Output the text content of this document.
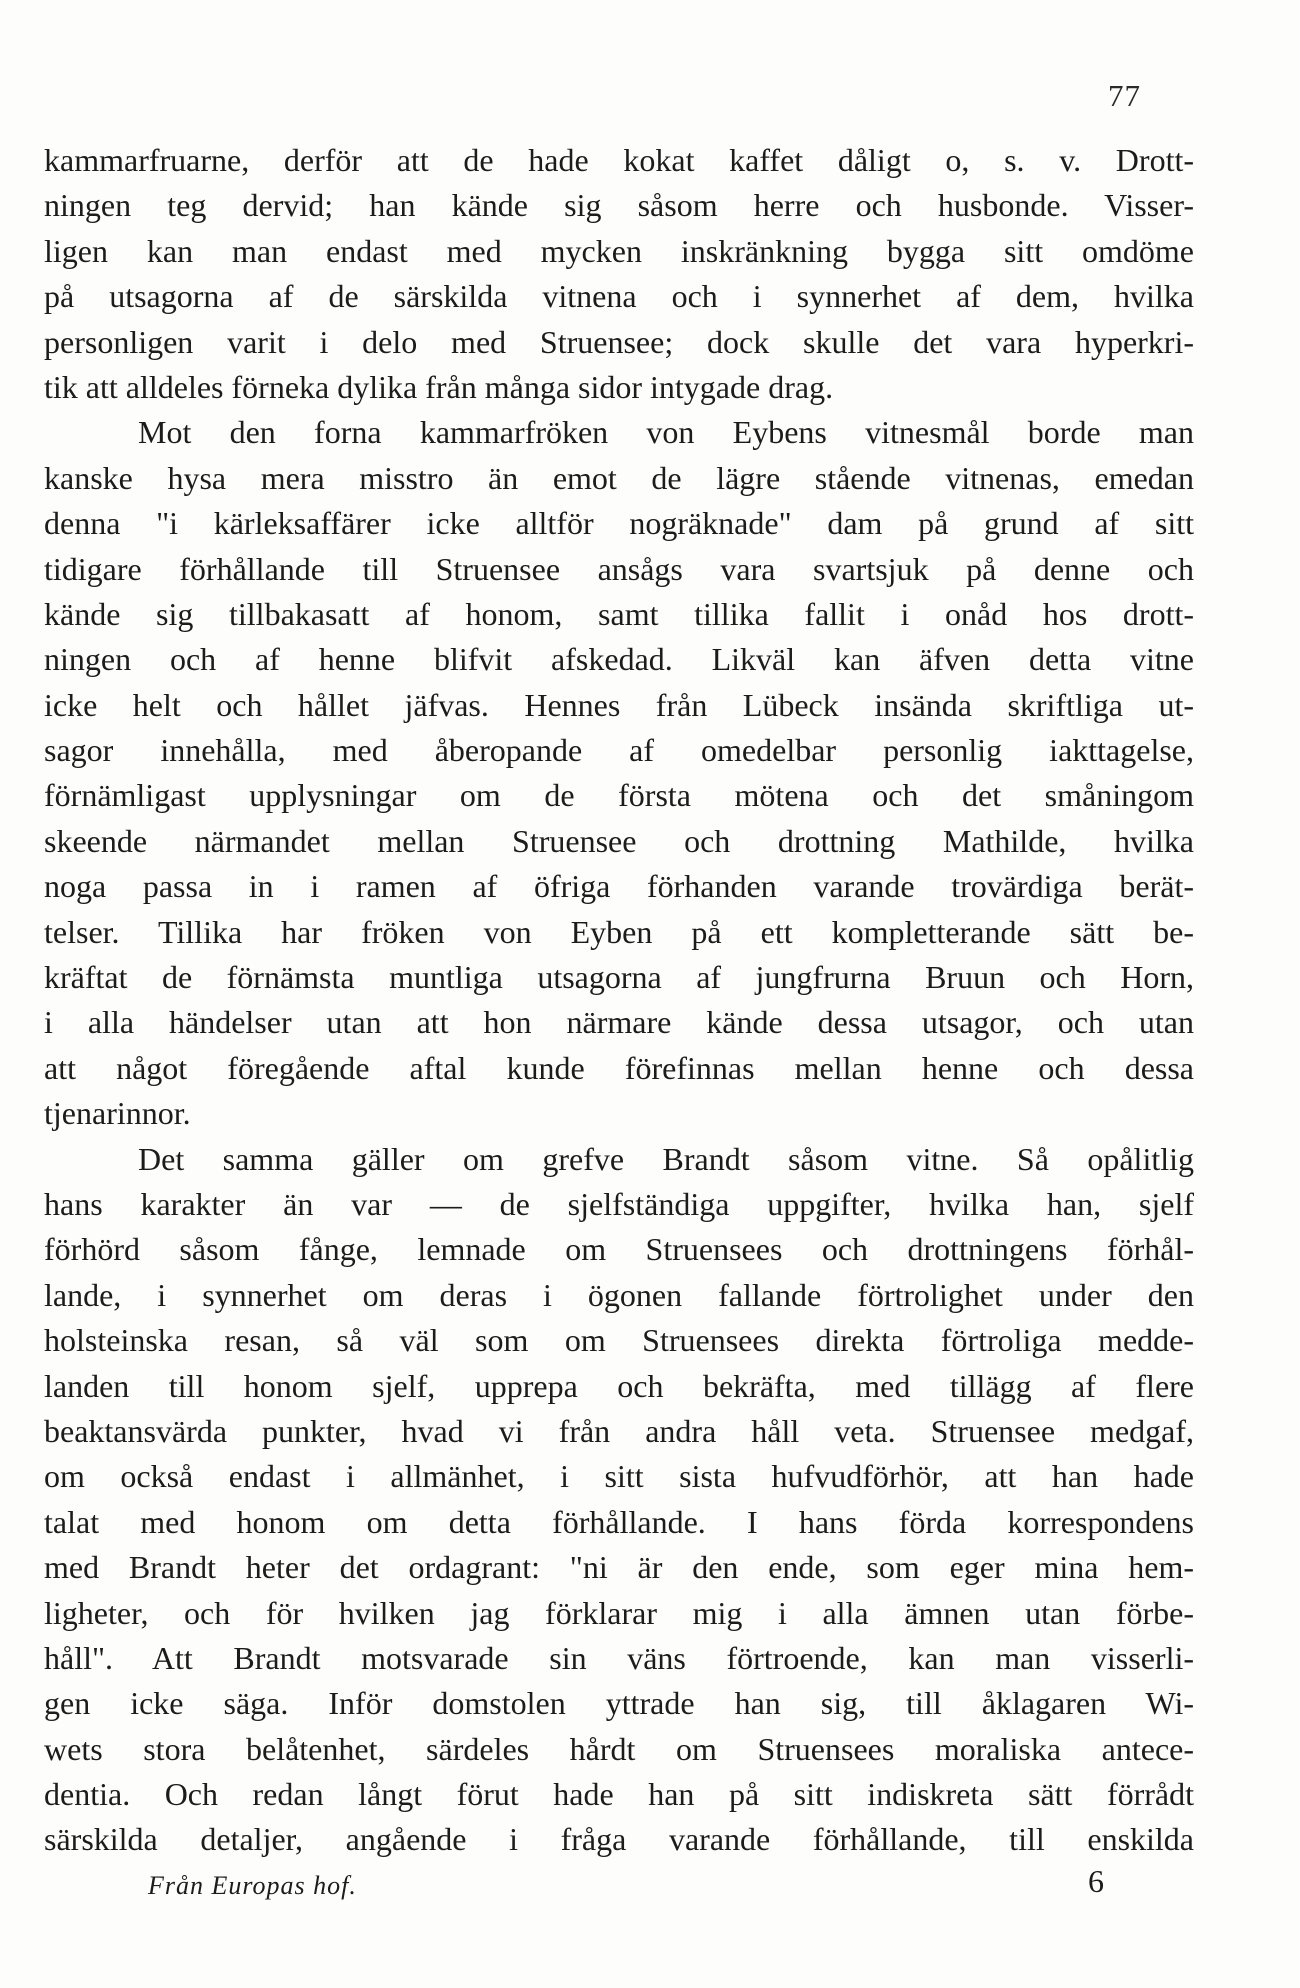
77
kammarfruarne, derför att de hade kokat kaffet dåligt o, s. v. Drott-
ningen teg dervid; han kände sig såsom herre och husbonde. Visser-
ligen kan man endast med mycken inskränkning bygga sitt omdöme
på utsagorna af de särskilda vitnena och i synnerhet af dem, hvilka
personligen varit i delo med Struensee; dock skulle det vara hyperkri-
tik att alldeles förneka dylika från många sidor intygade drag.
Mot den forna kammarfröken von Eybens vitnesmål borde man
kanske hysa mera misstro än emot de lägre stående vitnenas, emedan
denna "i kärleksaffärer icke alltför nogräknade" dam på grund af sitt
tidigare förhållande till Struensee ansågs vara svartsjuk på denne och
kände sig tillbakasatt af honom, samt tillika fallit i onåd hos drott-
ningen och af henne blifvit afskedad. Likväl kan äfven detta vitne
icke helt och hållet jäfvas. Hennes från Lübeck insända skriftliga ut-
sagor innehålla, med åberopande af omedelbar personlig iakttagelse,
förnämligast upplysningar om de första mötena och det småningom
skeende närmandet mellan Struensee och drottning Mathilde, hvilka
noga passa in i ramen af öfriga förhanden varande trovärdiga berät-
telser. Tillika har fröken von Eyben på ett kompletterande sätt be-
kräftat de förnämsta muntliga utsagorna af jungfrurna Bruun och Horn,
i alla händelser utan att hon närmare kände dessa utsagor, och utan
att något föregående aftal kunde förefinnas mellan henne och dessa
tjenarinnor.
Det samma gäller om grefve Brandt såsom vitne. Så opålitlig
hans karakter än var — de sjelfständiga uppgifter, hvilka han, sjelf
förhörd såsom fånge, lemnade om Struensees och drottningens förhål-
lande, i synnerhet om deras i ögonen fallande förtrolighet under den
holsteinska resan, så väl som om Struensees direkta förtroliga medde-
landen till honom sjelf, upprepa och bekräfta, med tillägg af flere
beaktansvärda punkter, hvad vi från andra håll veta. Struensee medgaf,
om också endast i allmänhet, i sitt sista hufvudförhör, att han hade
talat med honom om detta förhållande. I hans förda korrespondens
med Brandt heter det ordagrant: "ni är den ende, som eger mina hem-
ligheter, och för hvilken jag förklarar mig i alla ämnen utan förbe-
håll". Att Brandt motsvarade sin väns förtroende, kan man visserli-
gen icke säga. Inför domstolen yttrade han sig, till åklagaren Wi-
wets stora belåtenhet, särdeles hårdt om Struensees moraliska antece-
dentia. Och redan långt förut hade han på sitt indiskreta sätt förrådt
särskilda detaljer, angående i fråga varande förhållande, till enskilda
Från Europas hof.	6
